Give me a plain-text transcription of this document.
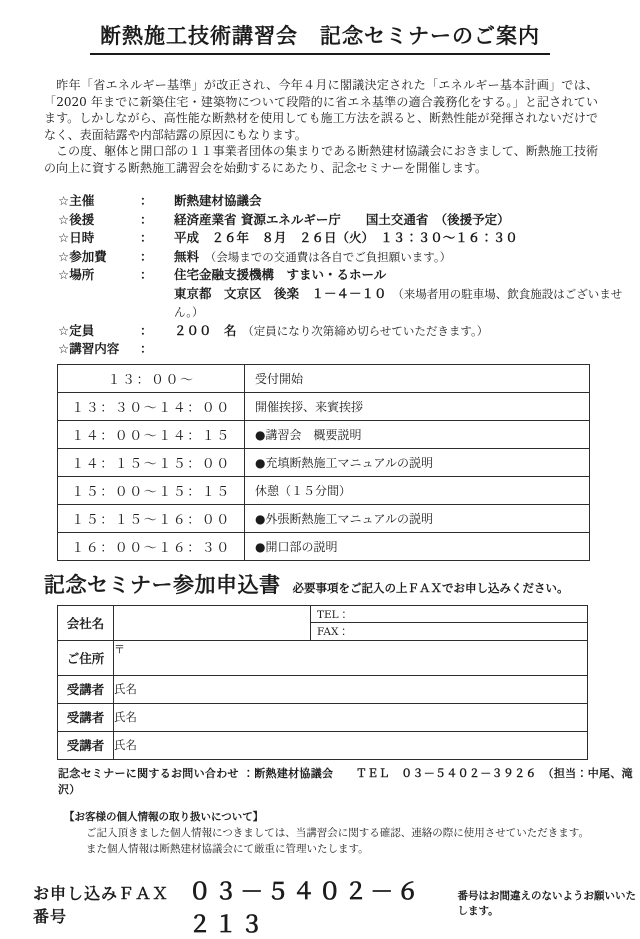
断熱施工技術講習会　記念セミナーのご案内

　昨年「省エネルギー基準」が改正され、今年４月に閣議決定された「エネルギー基本計画」では、「2020 年までに新築住宅・建築物について段階的に省エネ基準の適合義務化をする。」と記されています。しかしながら、高性能な断熱材を使用しても施工方法を誤ると、断熱性能が発揮されないだけでなく、表面結露や内部結露の原因にもなります。

　この度、躯体と開口部の１１事業者団体の集まりである断熱建材協議会におきまして、断熱施工技術の向上に資する断熱施工講習会を始動するにあたり、記念セミナーを開催します。

☆主催	：	断熱建材協議会
☆後援	：	経済産業省 資源エネルギー庁　　国土交通省　（後援予定）
☆日時	：	平成　２６年　８月　２６日（火）　１３：３０～１６：３０
☆参加費	：	無料　（会場までの交通費は各自でご負担願います。）
☆場所	：	住宅金融支援機構　すまい・るホール
東京都　文京区　後楽　１－４－１０　（来場者用の駐車場、飲食施設はございません。）
☆定員	：	２００　名　（定員になり次第締め切らせていただきます。）
☆講習内容	：
１３：００～	受付開始
１３：３０～１４：００	開催挨拶、来賓挨拶
１４：００～１４：１５	●講習会　概要説明
１４：１５～１５：００	●充填断熱施工マニュアルの説明
１５：００～１５：１５	休憩（１５分間）
１５：１５～１６：００	●外張断熱施工マニュアルの説明
１６：００～１６：３０	●開口部の説明
記念セミナー参加申込書 必要事項をご記入の上ＦＡＸでお申し込みください。
会社名		TEL：
FAX：

ご住所	〒	
受講者	氏名	
受講者	氏名	
受講者	氏名	
記念セミナーに関するお問い合わせ ：断熱建材協議会　　ＴＥＬ　０３－５４０２－３９２６　（担当：中尾、滝沢）
【お客様の個人情報の取り扱いについて】
ご記入頂きました個人情報につきましては、当講習会に関する確認、連絡の際に使用させていただきます。
また個人情報は断熱建材協議会にて厳重に管理いたします。
お申し込みＦＡＸ番号
０３－５４０２－６２１３
番号はお間違えのないようお願いいたします。
